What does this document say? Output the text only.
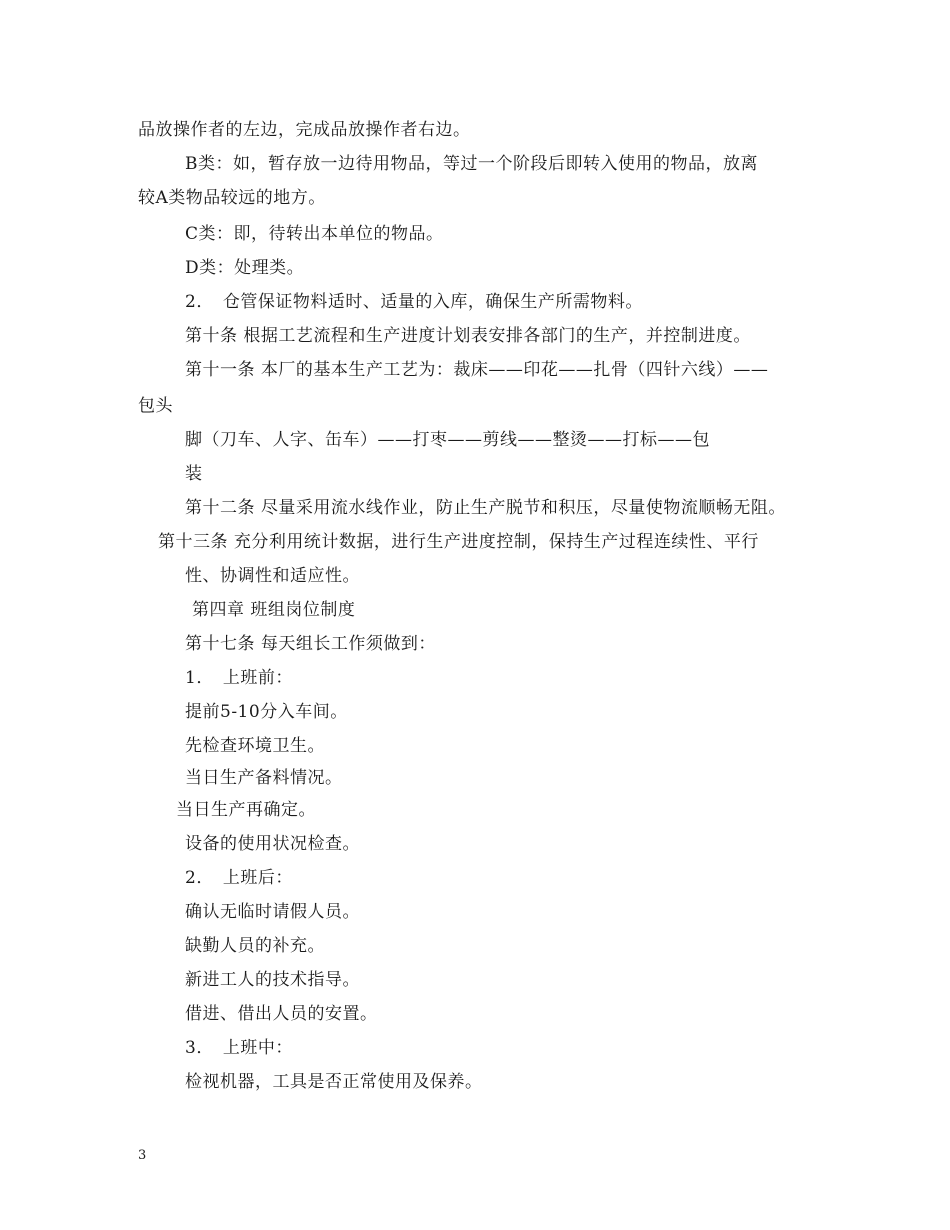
品放操作者的左边，完成品放操作者右边。
B类：如，暂存放一边待用物品，等过一个阶段后即转入使用的物品，放离
较A类物品较远的地方。
C类：即，待转出本单位的物品。
D类：处理类。
2．　仓管保证物料适时、适量的入库，确保生产所需物料。
第十条 根据工艺流程和生产进度计划表安排各部门的生产，并控制进度。
第十一条 本厂的基本生产工艺为：裁床——印花——扎骨（四针六线）——
包头
脚（刀车、人字、缶车）——打枣——剪线——整烫——打标——包
装
第十二条 尽量采用流水线作业，防止生产脱节和积压，尽量使物流顺畅无阻。
第十三条 充分利用统计数据，进行生产进度控制，保持生产过程连续性、平行
性、协调性和适应性。
第四章 班组岗位制度
第十七条 每天组长工作须做到：
1．　上班前：
提前5-10分入车间。
先检查环境卫生。
当日生产备料情况。
当日生产再确定。
设备的使用状况检查。
2．　上班后：
确认无临时请假人员。
缺勤人员的补充。
新进工人的技术指导。
借进、借出人员的安置。
3．　上班中：
检视机器，工具是否正常使用及保养。
3
